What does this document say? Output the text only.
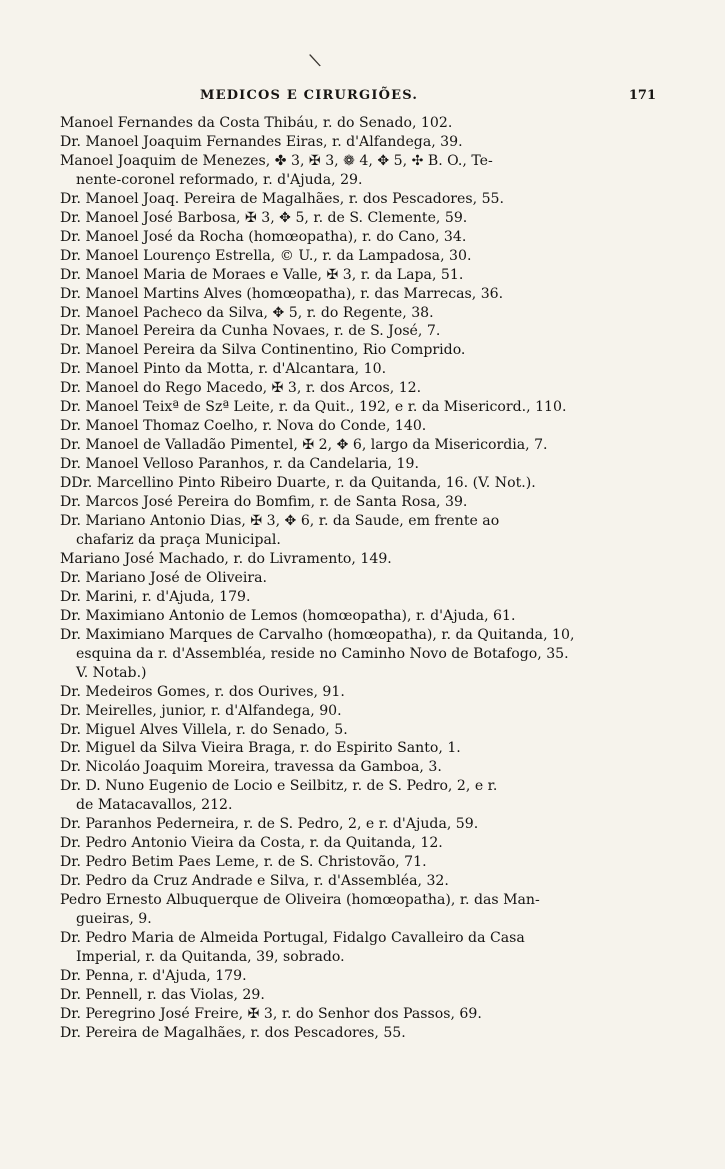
\
MEDICOS E CIRURGIÕES.	171
Manoel Fernandes da Costa Thibáu, r. do Senado, 102.
Dr. Manoel Joaquim Fernandes Eiras, r. d'Alfandega, 39.
Manoel Joaquim de Menezes, ✤ 3, ✠ 3, ❁ 4, ✥ 5, ✣ B. O., Te-
nente-coronel reformado, r. d'Ajuda, 29.
Dr. Manoel Joaq. Pereira de Magalhães, r. dos Pescadores, 55.
Dr. Manoel José Barbosa, ✠ 3, ✥ 5, r. de S. Clemente, 59.
Dr. Manoel José da Rocha (homœopatha), r. do Cano, 34.
Dr. Manoel Lourenço Estrella, © U., r. da Lampadosa, 30.
Dr. Manoel Maria de Moraes e Valle, ✠ 3, r. da Lapa, 51.
Dr. Manoel Martins Alves (homœopatha), r. das Marrecas, 36.
Dr. Manoel Pacheco da Silva, ✥ 5, r. do Regente, 38.
Dr. Manoel Pereira da Cunha Novaes, r. de S. José, 7.
Dr. Manoel Pereira da Silva Continentino, Rio Comprido.
Dr. Manoel Pinto da Motta, r. d'Alcantara, 10.
Dr. Manoel do Rego Macedo, ✠ 3, r. dos Arcos, 12.
Dr. Manoel Teixª de Szª Leite, r. da Quit., 192, e r. da Misericord., 110.
Dr. Manoel Thomaz Coelho, r. Nova do Conde, 140.
Dr. Manoel de Valladão Pimentel, ✠ 2, ✥ 6, largo da Misericordia, 7.
Dr. Manoel Velloso Paranhos, r. da Candelaria, 19.
DDr. Marcellino Pinto Ribeiro Duarte, r. da Quitanda, 16. (V. Not.).
Dr. Marcos José Pereira do Bomfim, r. de Santa Rosa, 39.
Dr. Mariano Antonio Dias, ✠ 3, ✥ 6, r. da Saude, em frente ao
chafariz da praça Municipal.
Mariano José Machado, r. do Livramento, 149.
Dr. Mariano José de Oliveira.
Dr. Marini, r. d'Ajuda, 179.
Dr. Maximiano Antonio de Lemos (homœopatha), r. d'Ajuda, 61.
Dr. Maximiano Marques de Carvalho (homœopatha), r. da Quitanda, 10,
esquina da r. d'Assembléa, reside no Caminho Novo de Botafogo, 35.
V. Notab.)
Dr. Medeiros Gomes, r. dos Ourives, 91.
Dr. Meirelles, junior, r. d'Alfandega, 90.
Dr. Miguel Alves Villela, r. do Senado, 5.
Dr. Miguel da Silva Vieira Braga, r. do Espirito Santo, 1.
Dr. Nicoláo Joaquim Moreira, travessa da Gamboa, 3.
Dr. D. Nuno Eugenio de Locio e Seilbitz, r. de S. Pedro, 2, e r.
de Matacavallos, 212.
Dr. Paranhos Pederneira, r. de S. Pedro, 2, e r. d'Ajuda, 59.
Dr. Pedro Antonio Vieira da Costa, r. da Quitanda, 12.
Dr. Pedro Betim Paes Leme, r. de S. Christovão, 71.
Dr. Pedro da Cruz Andrade e Silva, r. d'Assembléa, 32.
Pedro Ernesto Albuquerque de Oliveira (homœopatha), r. das Man-
gueiras, 9.
Dr. Pedro Maria de Almeida Portugal, Fidalgo Cavalleiro da Casa
Imperial, r. da Quitanda, 39, sobrado.
Dr. Penna, r. d'Ajuda, 179.
Dr. Pennell, r. das Violas, 29.
Dr. Peregrino José Freire, ✠ 3, r. do Senhor dos Passos, 69.
Dr. Pereira de Magalhães, r. dos Pescadores, 55.
